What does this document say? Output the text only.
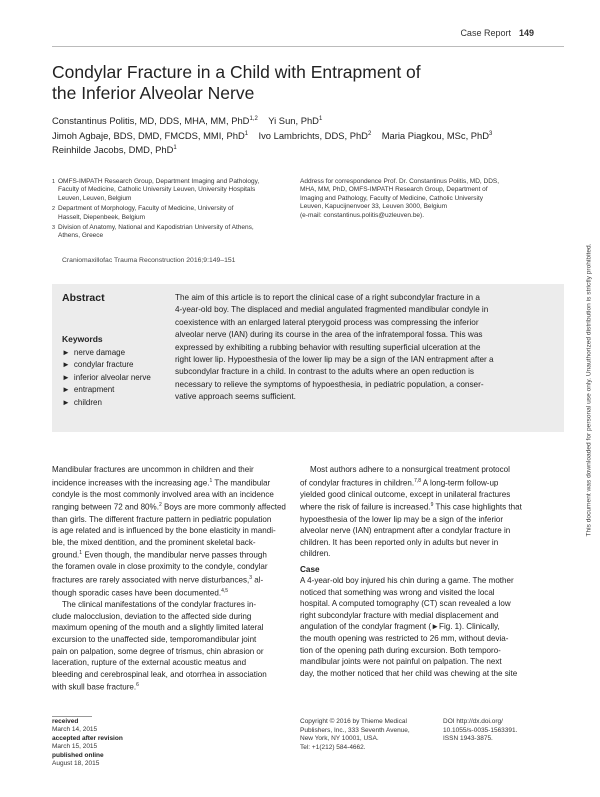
Case Report 149
Condylar Fracture in a Child with Entrapment of
the Inferior Alveolar Nerve
Constantinus Politis, MD, DDS, MHA, MM, PhD$^{1,2}$ Yi Sun, PhD$^1$
Jimoh Agbaje, BDS, DMD, FMCDS, MMI, PhD$^1$ Ivo Lambrichts, DDS, PhD$^2$ Maria Piagkou, MSc, PhD$^3$
Reinhilde Jacobs, DMD, PhD$^1$
1 OMFS-IMPATH Research Group, Department Imaging and Pathology,
Faculty of Medicine, Catholic University Leuven, University Hospitals
Leuven, Leuven, Belgium
2 Department of Morphology, Faculty of Medicine, University of
Hasselt, Diepenbeek, Belgium
3 Division of Anatomy, National and Kapodistrian University of Athens,
Athens, Greece
Address for correspondence Prof. Dr. Constantinus Politis, MD, DDS,
MHA, MM, PhD, OMFS-IMPATH Research Group, Department of
Imaging and Pathology, Faculty of Medicine, Catholic University
Leuven, Kapucijnenvoer 33, Leuven 3000, Belgium
(e-mail: constantinus.politis@uzleuven.be).
Craniomaxillofac Trauma Reconstruction 2016;9:149–151
Abstract
Keywords
► nerve damage
► condylar fracture
► inferior alveolar nerve
► entrapment
► children
The aim of this article is to report the clinical case of a right subcondylar fracture in a
4-year-old boy. The displaced and medial angulated fragmented mandibular condyle in
coexistence with an enlarged lateral pterygoid process was compressing the inferior
alveolar nerve (IAN) during its course in the area of the infratemporal fossa. This was
expressed by exhibiting a rubbing behavior with resulting superficial ulceration at the
right lower lip. Hypoesthesia of the lower lip may be a sign of the IAN entrapment after a
subcondylar fracture in a child. In contrast to the adults where an open reduction is
necessary to relieve the symptoms of hypoesthesia, in pediatric population, a conser-
vative approach seems sufficient.

Mandibular fractures are uncommon in children and their
incidence increases with the increasing age.$^1$ The mandibular
condyle is the most commonly involved area with an incidence
ranging between 72 and 80%.$^2$ Boys are more commonly affected
than girls. The different fracture pattern in pediatric population
is age related and is influenced by the bone elasticity in mandi-
ble, the mixed dentition, and the prominent skeletal back-
ground.$^1$ Even though, the mandibular nerve passes through
the foramen ovale in close proximity to the condyle, condylar
fractures are rarely associated with nerve disturbances,$^3$ al-
though sporadic cases have been documented.$^{4,5}$

The clinical manifestations of the condylar fractures in-
clude malocclusion, deviation to the affected side during
maximum opening of the mouth and a slightly limited lateral
excursion to the unaffected side, temporomandibular joint
pain on palpation, some degree of trismus, chin abrasion or
laceration, rupture of the external acoustic meatus and
bleeding and cerebrospinal leak, and otorrhea in association
with skull base fracture.$^6$

Most authors adhere to a nonsurgical treatment protocol
of condylar fractures in children.$^{7,8}$ A long-term follow-up
yielded good clinical outcome, except in unilateral fractures
where the risk of failure is increased.$^9$ This case highlights that
hypoesthesia of the lower lip may be a sign of the inferior
alveolar nerve (IAN) entrapment after a condylar fracture in
children. It has been reported only in adults but never in
children.

Case

A 4-year-old boy injured his chin during a game. The mother
noticed that something was wrong and visited the local
hospital. A computed tomography (CT) scan revealed a low
right subcondylar fracture with medial displacement and
angulation of the condylar fragment (►Fig. 1). Clinically,
the mouth opening was restricted to 26 mm, without devia-
tion of the opening path during excursion. Both temporo-
mandibular joints were not painful on palpation. The next
day, the mother noticed that her child was chewing at the site

received
March 14, 2015
accepted after revision
March 15, 2015
published online
August 18, 2015
Copyright © 2016 by Thieme Medical
Publishers, Inc., 333 Seventh Avenue,
New York, NY 10001, USA.
Tel: +1(212) 584-4662.
DOI http://dx.doi.org/
10.1055/s-0035-1563391.
ISSN 1943-3875.
This document was downloaded for personal use only. Unauthorized distribution is strictly prohibited.
